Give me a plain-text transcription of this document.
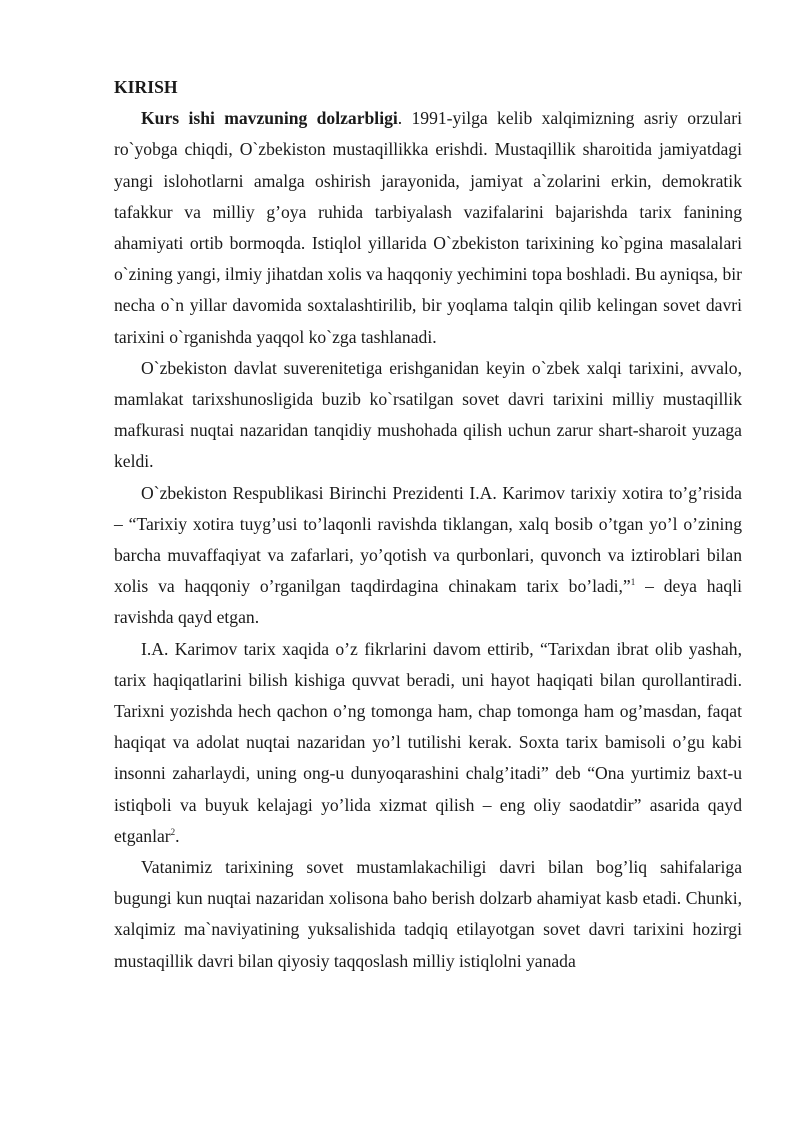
KIRISH

Kurs ishi mavzuning dolzarbligi. 1991-yilga kelib xalqimizning asriy orzulari ro`yobga chiqdi, O`zbekiston mustaqillikka erishdi. Mustaqillik sharoitida jamiyatdagi yangi islohotlarni amalga oshirish jarayonida, jamiyat a`zolarini erkin, demokratik tafakkur va milliy g’oya ruhida tarbiyalash vazifalarini bajarishda tarix fanining ahamiyati ortib bormoqda. Istiqlol yillarida O`zbekiston tarixining ko`pgina masalalari o`zining yangi, ilmiy jihatdan xolis va haqqoniy yechimini topa boshladi. Bu ayniqsa, bir necha o`n yillar davomida soxtalashtirilib, bir yoqlama talqin qilib kelingan sovet davri tarixini o`rganishda yaqqol ko`zga tashlanadi.

O`zbekiston davlat suverenitetiga erishganidan keyin o`zbek xalqi tarixini, avvalo, mamlakat tarixshunosligida buzib ko`rsatilgan sovet davri tarixini milliy mustaqillik mafkurasi nuqtai nazaridan tanqidiy mushohada qilish uchun zarur shart-sharoit yuzaga keldi.

O`zbekiston Respublikasi Birinchi Prezidenti I.A. Karimov tarixiy xotira to’g’risida – “Tarixiy xotira tuyg’usi to’laqonli ravishda tiklangan, xalq bosib o’tgan yo’l o’zining barcha muvaffaqiyat va zafarlari, yo’qotish va qurbonlari, quvonch va iztiroblari bilan xolis va haqqoniy o’rganilgan taqdirdagina chinakam tarix bo’ladi,”$^1$ – deya haqli ravishda qayd etgan.

I.A. Karimov tarix xaqida o’z fikrlarini davom ettirib, “Tarixdan ibrat olib yashah, tarix haqiqatlarini bilish kishiga quvvat beradi, uni hayot haqiqati bilan qurollantiradi. Tarixni yozishda hech qachon o’ng tomonga ham, chap tomonga ham og’masdan, faqat haqiqat va adolat nuqtai nazaridan yo’l tutilishi kerak. Soxta tarix bamisoli o’gu kabi insonni zaharlaydi, uning ong-u dunyoqarashini chalg’itadi” deb “Ona yurtimiz baxt-u istiqboli va buyuk kelajagi yo’lida xizmat qilish – eng oliy saodatdir” asarida qayd etganlar$^2$.

Vatanimiz tarixining sovet mustamlakachiligi davri bilan bog’liq sahifalariga bugungi kun nuqtai nazaridan xolisona baho berish dolzarb ahamiyat kasb etadi. Chunki, xalqimiz ma`naviyatining yuksalishida tadqiq etilayotgan sovet davri tarixini hozirgi mustaqillik davri bilan qiyosiy taqqoslash milliy istiqlolni yanada
